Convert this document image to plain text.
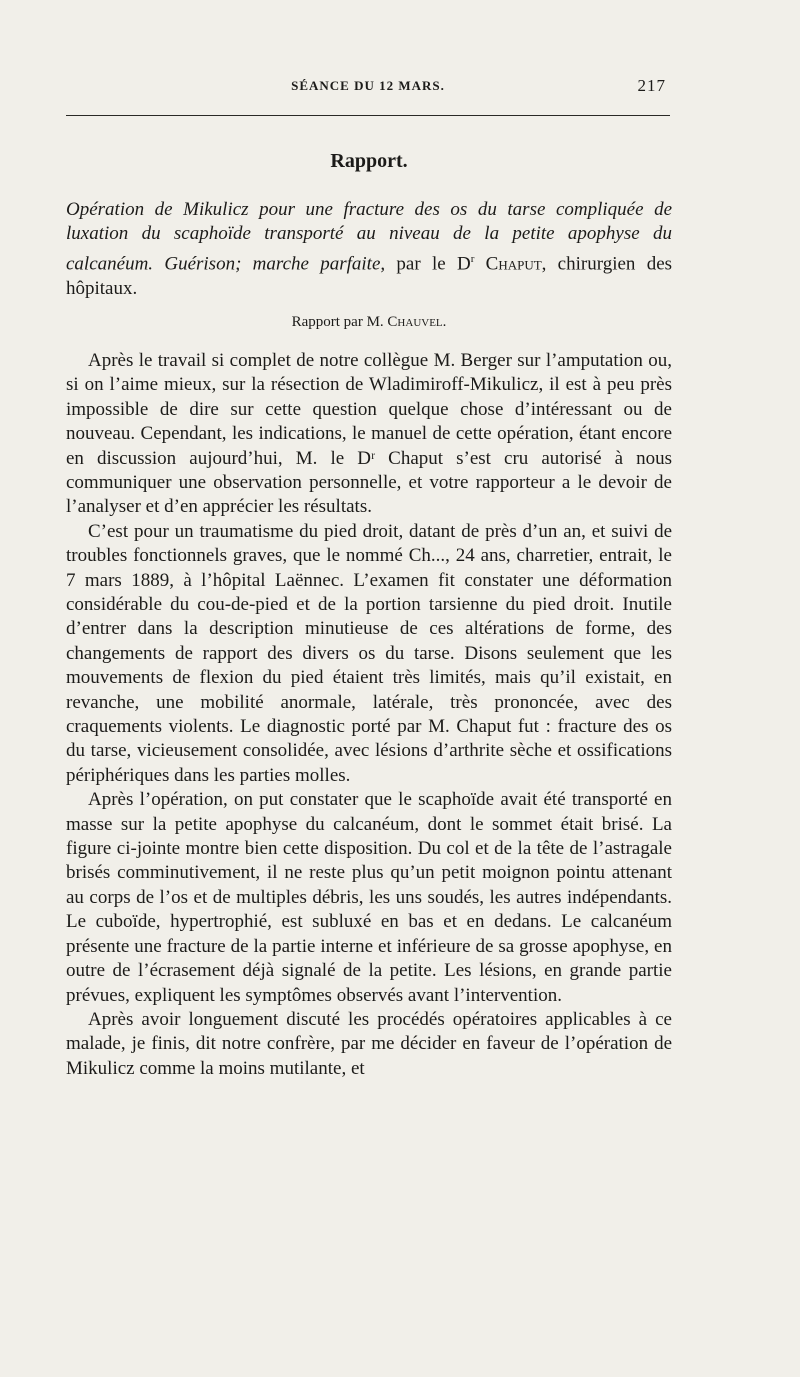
SÉANCE DU 12 MARS.	217
Rapport.

Opération de Mikulicz pour une fracture des os du tarse compliquée de luxation du scaphoïde transporté au niveau de la petite apophyse du calcanéum. Guérison; marche parfaite, par le $D^r$ Chaput, chirurgien des hôpitaux.

Rapport par M. Chauvel.

Après le travail si complet de notre collègue M. Berger sur l’amputation ou, si on l’aime mieux, sur la résection de Wladimiroff-Mikulicz, il est à peu près impossible de dire sur cette question quelque chose d’intéressant ou de nouveau. Cependant, les indications, le manuel de cette opération, étant encore en discussion aujourd’hui, M. le Dʳ Chaput s’est cru autorisé à nous communiquer une observation personnelle, et votre rapporteur a le devoir de l’analyser et d’en apprécier les résultats.

C’est pour un traumatisme du pied droit, datant de près d’un an, et suivi de troubles fonctionnels graves, que le nommé Ch..., 24 ans, charretier, entrait, le 7 mars 1889, à l’hôpital Laënnec. L’examen fit constater une déformation considérable du cou-de-pied et de la portion tarsienne du pied droit. Inutile d’entrer dans la description minutieuse de ces altérations de forme, des changements de rapport des divers os du tarse. Disons seulement que les mouvements de flexion du pied étaient très limités, mais qu’il existait, en revanche, une mobilité anormale, latérale, très prononcée, avec des craquements violents. Le diagnostic porté par M. Chaput fut : fracture des os du tarse, vicieusement consolidée, avec lésions d’arthrite sèche et ossifications périphériques dans les parties molles.

Après l’opération, on put constater que le scaphoïde avait été transporté en masse sur la petite apophyse du calcanéum, dont le sommet était brisé. La figure ci-jointe montre bien cette disposition. Du col et de la tête de l’astragale brisés comminutivement, il ne reste plus qu’un petit moignon pointu attenant au corps de l’os et de multiples débris, les uns soudés, les autres indépendants. Le cuboïde, hypertrophié, est subluxé en bas et en dedans. Le calcanéum présente une fracture de la partie interne et inférieure de sa grosse apophyse, en outre de l’écrasement déjà signalé de la petite. Les lésions, en grande partie prévues, expliquent les symptômes observés avant l’intervention.

Après avoir longuement discuté les procédés opératoires applicables à ce malade, je finis, dit notre confrère, par me décider en faveur de l’opération de Mikulicz comme la moins mutilante, et
